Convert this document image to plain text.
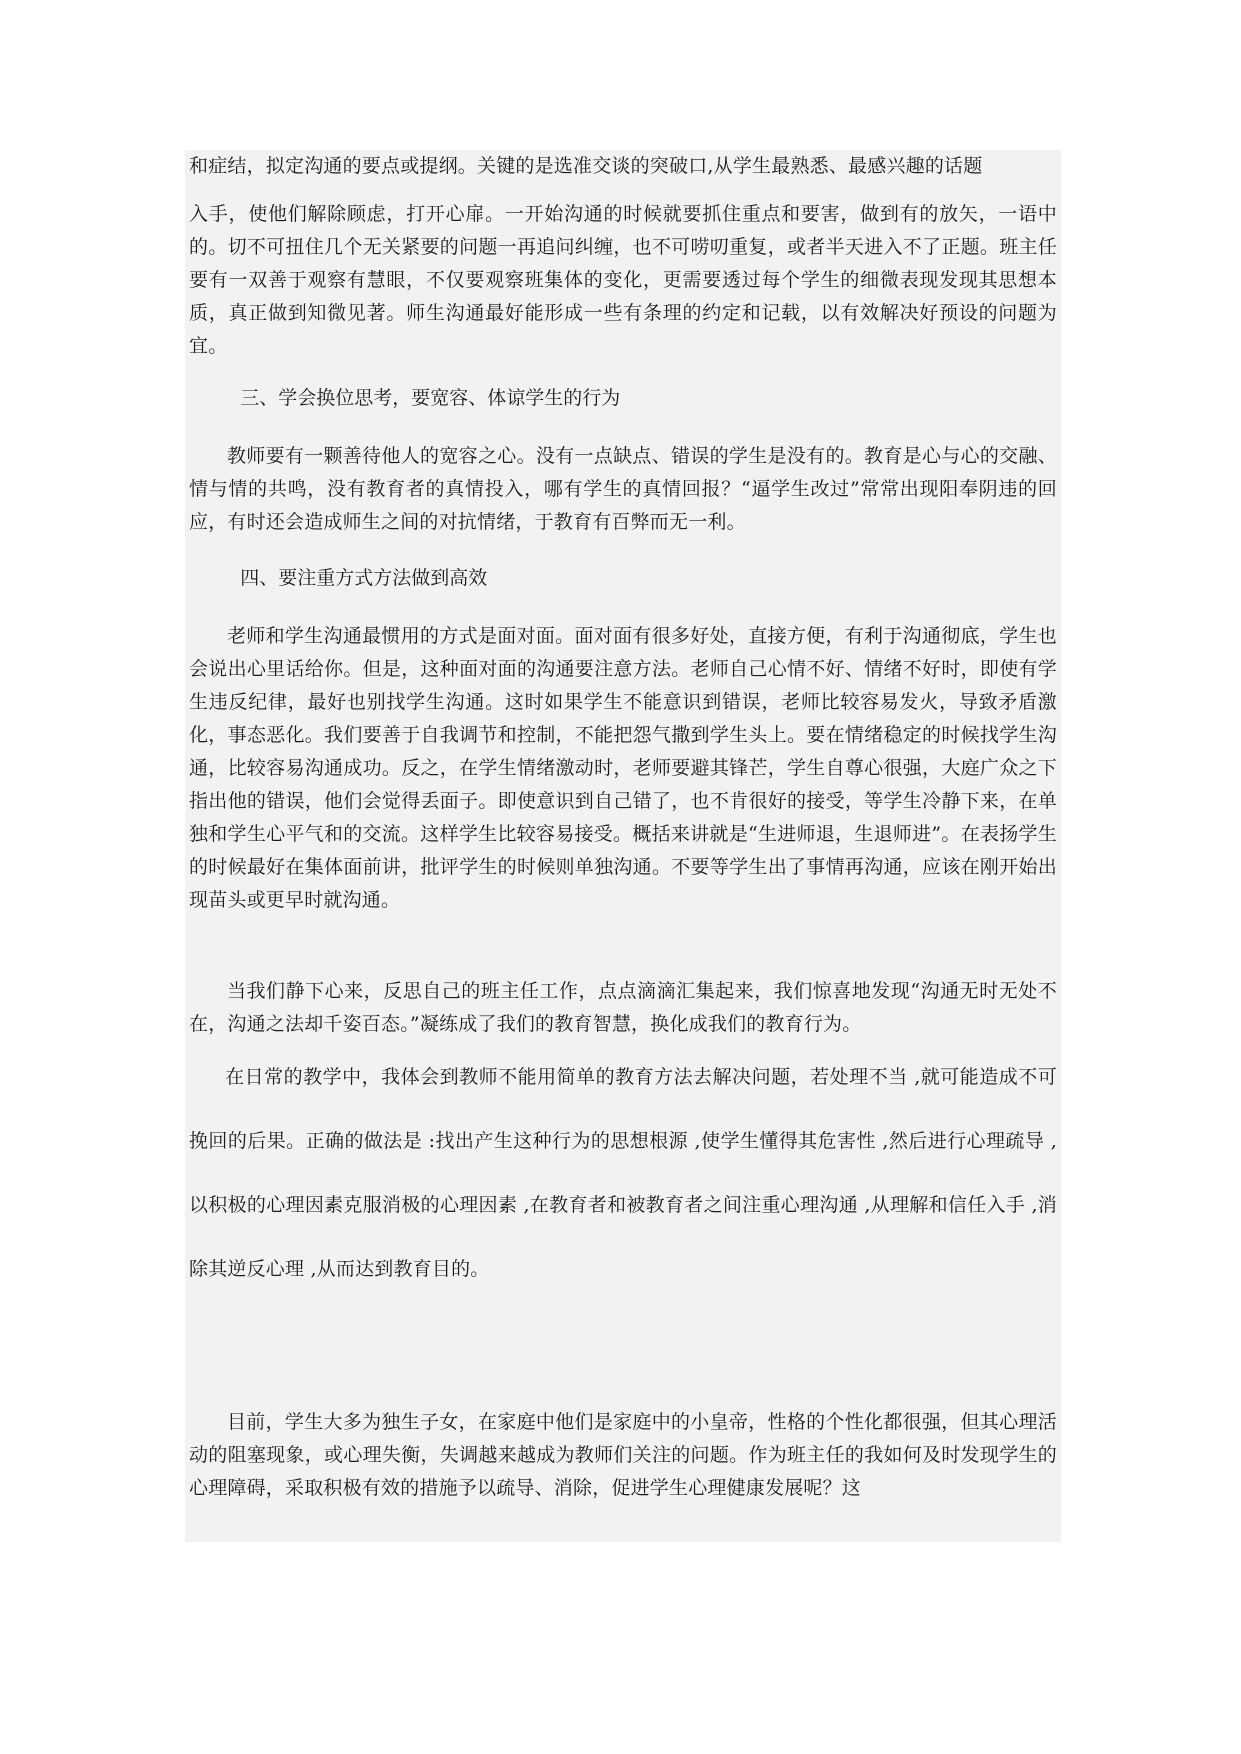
和症结，拟定沟通的要点或提纲。关键的是选准交谈的突破口,从学生最熟悉、最感兴趣的话题

入手，使他们解除顾虑，打开心扉。一开始沟通的时候就要抓住重点和要害，做到有的放矢，一语中的。切不可扭住几个无关紧要的问题一再追问纠缠，也不可唠叨重复，或者半天进入不了正题。班主任要有一双善于观察有慧眼，不仅要观察班集体的变化，更需要透过每个学生的细微表现发现其思想本质，真正做到知微见著。师生沟通最好能形成一些有条理的约定和记载，以有效解决好预设的问题为宜。

三、学会换位思考，要宽容、体谅学生的行为

教师要有一颗善待他人的宽容之心。没有一点缺点、错误的学生是没有的。教育是心与心的交融、情与情的共鸣，没有教育者的真情投入，哪有学生的真情回报？“逼学生改过”常常出现阳奉阴违的回应，有时还会造成师生之间的对抗情绪，于教育有百弊而无一利。

四、要注重方式方法做到高效

老师和学生沟通最惯用的方式是面对面。面对面有很多好处，直接方便，有利于沟通彻底，学生也会说出心里话给你。但是，这种面对面的沟通要注意方法。老师自己心情不好、情绪不好时，即使有学生违反纪律，最好也别找学生沟通。这时如果学生不能意识到错误，老师比较容易发火，导致矛盾激化，事态恶化。我们要善于自我调节和控制，不能把怨气撒到学生头上。要在情绪稳定的时候找学生沟通，比较容易沟通成功。反之，在学生情绪激动时，老师要避其锋芒，学生自尊心很强，大庭广众之下指出他的错误，他们会觉得丢面子。即使意识到自己错了，也不肯很好的接受，等学生冷静下来，在单独和学生心平气和的交流。这样学生比较容易接受。概括来讲就是“生进师退，生退师进”。在表扬学生的时候最好在集体面前讲，批评学生的时候则单独沟通。不要等学生出了事情再沟通，应该在刚开始出现苗头或更早时就沟通。

当我们静下心来，反思自己的班主任工作，点点滴滴汇集起来，我们惊喜地发现“沟通无时无处不在，沟通之法却千姿百态。”凝练成了我们的教育智慧，换化成我们的教育行为。

在日常的教学中，我体会到教师不能用简单的教育方法去解决问题，若处理不当 ,就可能造成不可挽回的后果。正确的做法是 :找出产生这种行为的思想根源 ,使学生懂得其危害性 ,然后进行心理疏导 ,以积极的心理因素克服消极的心理因素 ,在教育者和被教育者之间注重心理沟通 ,从理解和信任入手 ,消除其逆反心理 ,从而达到教育目的。

目前，学生大多为独生子女，在家庭中他们是家庭中的小皇帝，性格的个性化都很强，但其心理活动的阻塞现象，或心理失衡，失调越来越成为教师们关注的问题。作为班主任的我如何及时发现学生的心理障碍，采取积极有效的措施予以疏导、消除，促进学生心理健康发展呢？这
